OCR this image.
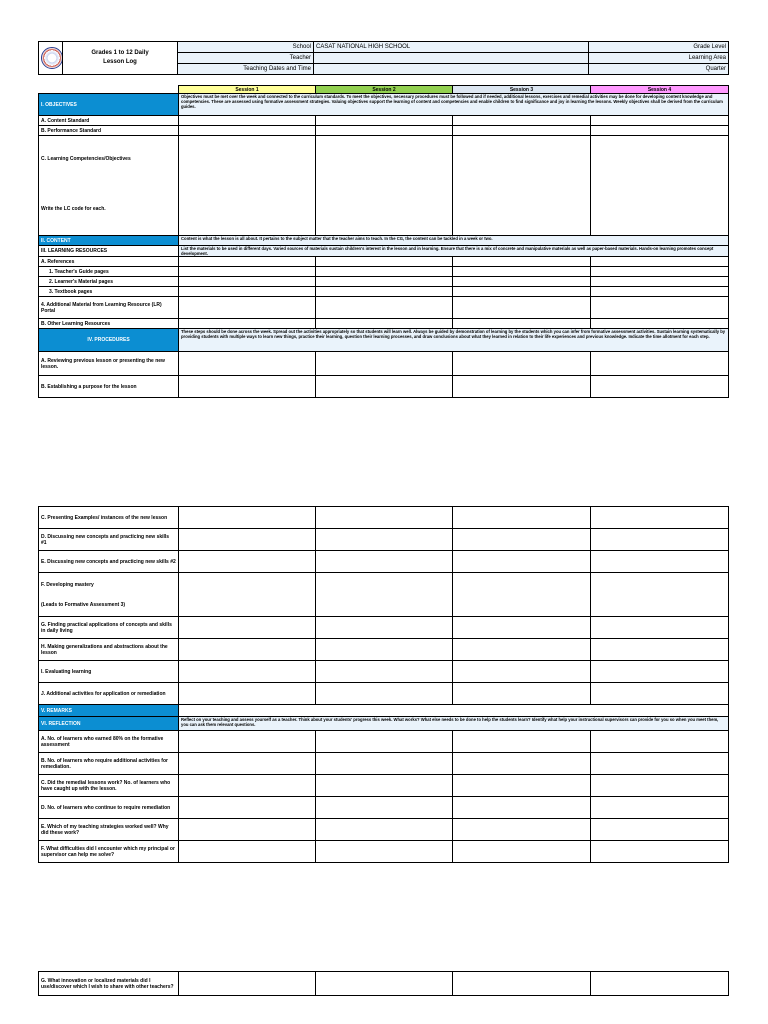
	Grades 1 to 12 Daily
Lesson Log	School	CASAT NATIONAL HIGH SCHOOL	Grade Level
		Teacher		Learning Area
		Teaching Dates and Time		Quarter
	Session 1	Session 2	Session 3	Session 4
I. OBJECTIVES	Objectives must be met over the week and connected to the curriculum standards. To meet the objectives, necessary procedures must be followed and if needed, additional lessons, exercises and remedial activities may be done for developing content knowledge and competencies. These are assessed using formative assessment strategies. Valuing objectives support the learning of content and competencies and enable children to find significance and joy in learning the lessons. Weekly objectives shall be derived from the curriculum guides.			
A. Content Standard				
B. Performance Standard				

C. Learning Competencies/Objectives
Write the LC code for each.				

II. CONTENT	Content is what the lesson is all about. It pertains to the subject matter that the teacher aims to teach. In the CG, the content can be tackled in a week or two.			
III. LEARNING RESOURCES	List the materials to be used in different days. Varied sources of materials sustain children's interest in the lesson and in learning. Ensure that there is a mix of concrete and manipulative materials as well as paper-based materials. Hands-on learning promotes concept development.			
A. References				
1. Teacher's Guide pages				
2. Learner's Material pages				
3. Textbook pages				
4. Additional Material from Learning Resource (LR) Portal				
B. Other Learning Resources				
IV. PROCEDURES	These steps should be done across the week. Spread out the activities appropriately so that students will learn well. Always be guided by demonstration of learning by the students which you can infer from formative assessment activities. Sustain learning systematically by providing students with multiple ways to learn new things, practice their learning, question their learning processes, and draw conclusions about what they learned in relation to their life experiences and previous knowledge. Indicate the time allotment for each step.			
A. Reviewing previous lesson or presenting the new lesson.				
B. Establishing a purpose for the lesson				
C. Presenting Examples/ instances of the new lesson				
D. Discussing new concepts and practicing new skills #1				
E. Discussing new concepts and practicing new skills #2				

F. Developing mastery
(Leads to Formative Assessment 3)				

G. Finding practical applications of concepts and skills in daily living				
H. Making generalizations and abstractions about the lesson				
I. Evaluating learning				
J. Additional activities for application or remediation				
V. REMARKS				
VI. REFLECTION	Reflect on your teaching and assess yourself as a teacher. Think about your students' progress this week. What works? What else needs to be done to help the students learn? Identify what help your instructional supervisors can provide for you so when you meet them, you can ask them relevant questions.			
A. No. of learners who earned 80% on the formative assessment				
B. No. of learners who require additional activities for remediation.				
C. Did the remedial lessons work? No. of learners who have caught up with the lesson.				
D. No. of learners who continue to require remediation				
E. Which of my teaching strategies worked well? Why did these work?				
F. What difficulties did I encounter which my principal or supervisor can help me solve?				
G. What innovation or localized materials did I use/discover which I wish to share with other teachers?				
